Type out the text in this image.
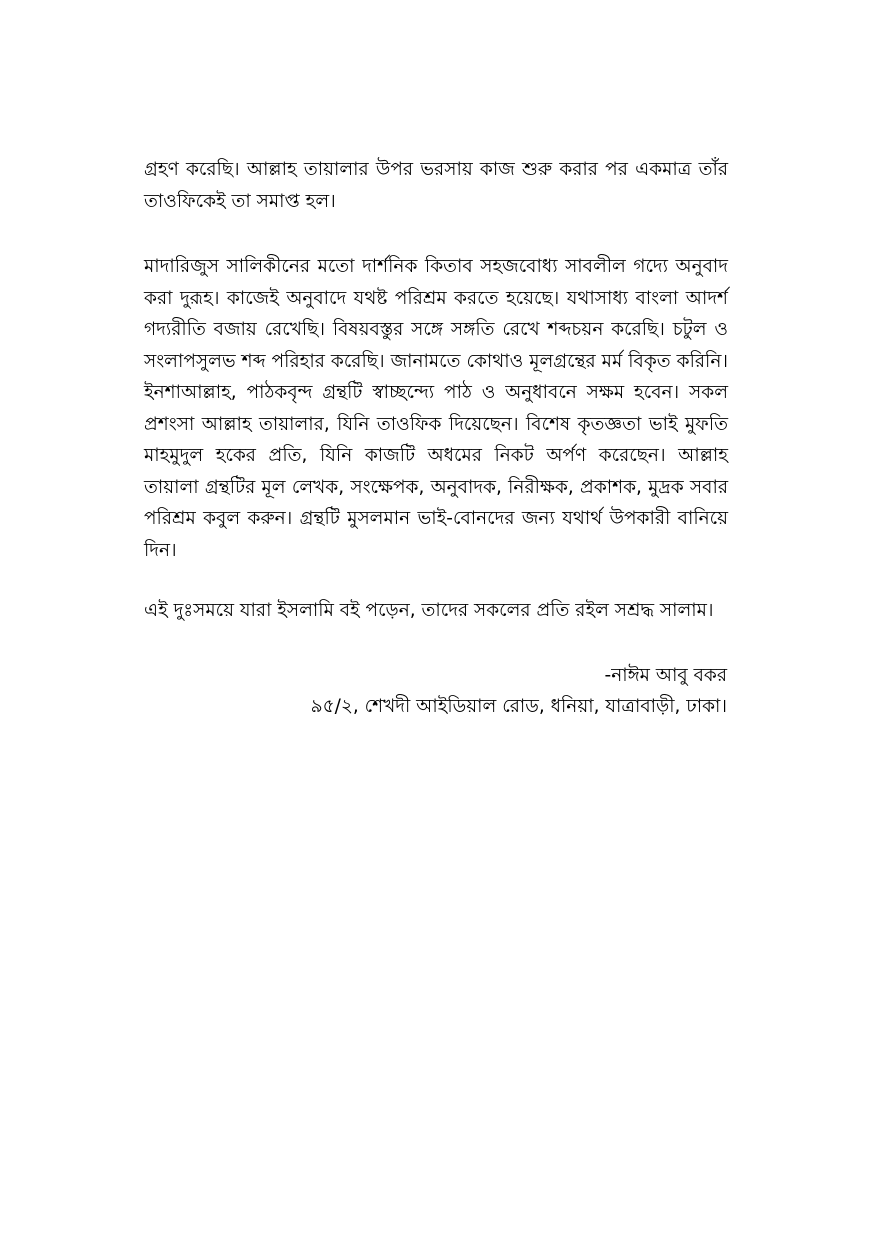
গ্রহণ করেছি। আল্লাহ তায়ালার উপর ভরসায় কাজ শুরু করার পর একমাত্র তাঁর তাওফিকেই তা সমাপ্ত হল।

মাদারিজুস সালিকীনের মতো দার্শনিক কিতাব সহজবোধ্য সাবলীল গদ্যে অনুবাদ করা দুরূহ। কাজেই অনুবাদে যথষ্ট পরিশ্রম করতে হয়েছে। যথাসাধ্য বাংলা আদর্শ গদ্যরীতি বজায় রেখেছি। বিষয়বস্তুর সঙ্গে সঙ্গতি রেখে শব্দচয়ন করেছি। চটুল ও সংলাপসুলভ শব্দ পরিহার করেছি। জানামতে কোথাও মূলগ্রন্থের মর্ম বিকৃত করিনি। ইনশাআল্লাহ, পাঠকবৃন্দ গ্রন্থটি স্বাচ্ছন্দ্যে পাঠ ও অনুধাবনে সক্ষম হবেন। সকল প্রশংসা আল্লাহ তায়ালার, যিনি তাওফিক দিয়েছেন। বিশেষ কৃতজ্ঞতা ভাই মুফতি মাহমুদুল হকের প্রতি, যিনি কাজটি অধমের নিকট অর্পণ করেছেন। আল্লাহ তায়ালা গ্রন্থটির মূল লেখক, সংক্ষেপক, অনুবাদক, নিরীক্ষক, প্রকাশক, মুদ্রক সবার পরিশ্রম কবুল করুন। গ্রন্থটি মুসলমান ভাই-বোনদের জন্য যথার্থ উপকারী বানিয়ে দিন।

এই দুঃসময়ে যারা ইসলামি বই পড়েন, তাদের সকলের প্রতি রইল সশ্রদ্ধ সালাম।

-নাঈম আবু বকর
৯৫/২, শেখদী আইডিয়াল রোড, ধনিয়া, যাত্রাবাড়ী, ঢাকা।
